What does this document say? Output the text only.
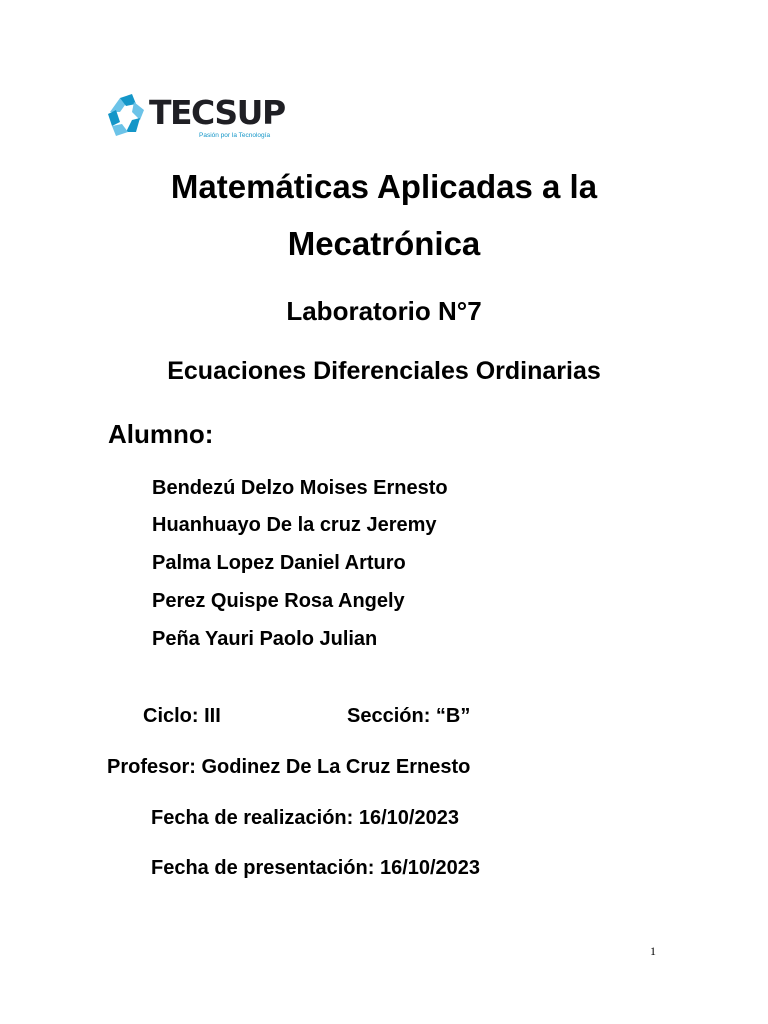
TECSUP
Pasión por la Tecnología
Matemáticas Aplicadas a la
Mecatrónica
Laboratorio N°7
Ecuaciones Diferenciales Ordinarias
Alumno:
Bendezú Delzo Moises Ernesto
Huanhuayo De la cruz Jeremy
Palma Lopez Daniel Arturo
Perez Quispe Rosa Angely
Peña Yauri Paolo Julian
Ciclo: III	Sección: “B”
Profesor: Godinez De La Cruz Ernesto
Fecha de realización: 16/10/2023
Fecha de presentación: 16/10/2023
1
